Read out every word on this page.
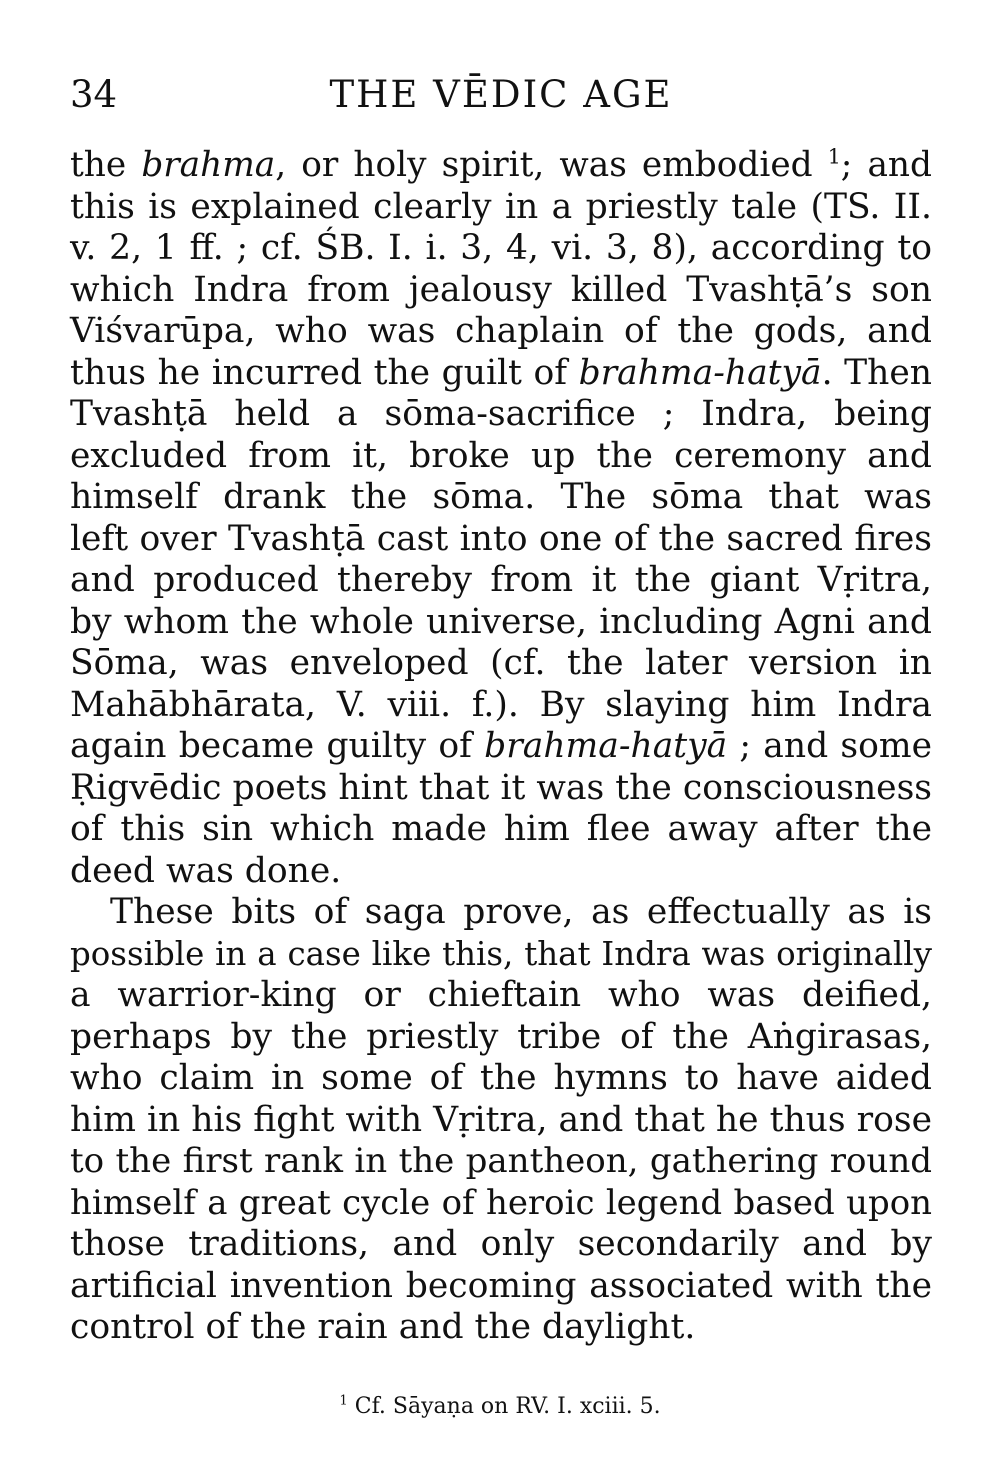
34	THE VĒDIC AGE
the brahma, or holy spirit, was embodied $^1$; and
this is explained clearly in a priestly tale (TS. II.
v. 2, 1 ff. ; cf. ŚB. I. i. 3, 4, vi. 3, 8), according to
which Indra from jealousy killed Tvashṭā’s son
Viśvarūpa, who was chaplain of the gods, and
thus he incurred the guilt of brahma-hatyā. Then
Tvashṭā held a sōma-sacrifice ; Indra, being
excluded from it, broke up the ceremony and
himself drank the sōma. The sōma that was
left over Tvashṭā cast into one of the sacred fires
and produced thereby from it the giant Vṛitra,
by whom the whole universe, including Agni and
Sōma, was enveloped (cf. the later version in
Mahābhārata, V. viii. f.). By slaying him Indra
again became guilty of brahma-hatyā ; and some
Ṛigvēdic poets hint that it was the consciousness
of this sin which made him flee away after the
deed was done.
These bits of saga prove, as effectually as is
possible in a case like this, that Indra was originally
a warrior-king or chieftain who was deified,
perhaps by the priestly tribe of the Aṅgirasas,
who claim in some of the hymns to have aided
him in his fight with Vṛitra, and that he thus rose
to the first rank in the pantheon, gathering round
himself a great cycle of heroic legend based upon
those traditions, and only secondarily and by
artificial invention becoming associated with the
control of the rain and the daylight.
$^1$ Cf. Sāyaṇa on RV. I. xciii. 5.
